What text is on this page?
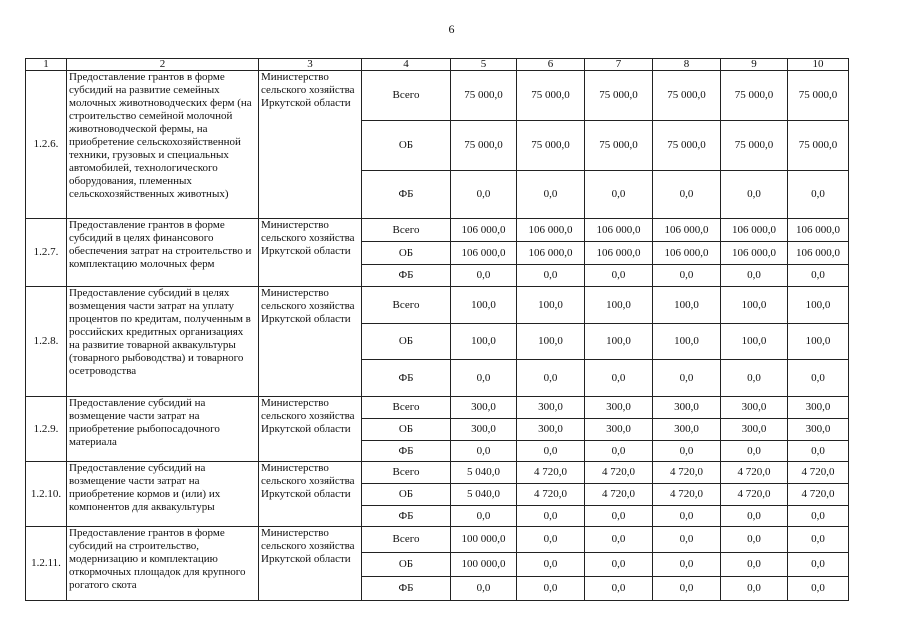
6
1	2	3	4	5	6	7	8	9	10
1.2.6.	Предоставление грантов в форме субсидий на развитие семейных молочных животноводческих ферм (на строительство семейной молочной животноводческой фермы, на приобретение сельскохозяйственной техники, грузовых и специальных автомобилей, технологического оборудования, племенных сельскохозяйственных животных)	Министерство сельского хозяйства Иркутской области	Всего	75 000,0	75 000,0	75 000,0	75 000,0	75 000,0	75 000,0
			ОБ	75 000,0	75 000,0	75 000,0	75 000,0	75 000,0	75 000,0
			ФБ	0,0	0,0	0,0	0,0	0,0	0,0
1.2.7.	Предоставление грантов в форме субсидий в целях финансового обеспечения затрат на строительство и комплектацию молочных ферм	Министерство сельского хозяйства Иркутской области	Всего	106 000,0	106 000,0	106 000,0	106 000,0	106 000,0	106 000,0
			ОБ	106 000,0	106 000,0	106 000,0	106 000,0	106 000,0	106 000,0
			ФБ	0,0	0,0	0,0	0,0	0,0	0,0
1.2.8.	Предоставление субсидий в целях возмещения части затрат на уплату процентов по кредитам, полученным в российских кредитных организациях на развитие товарной аквакультуры (товарного рыбоводства) и товарного осетроводства	Министерство сельского хозяйства Иркутской области	Всего	100,0	100,0	100,0	100,0	100,0	100,0
			ОБ	100,0	100,0	100,0	100,0	100,0	100,0
			ФБ	0,0	0,0	0,0	0,0	0,0	0,0
1.2.9.	Предоставление субсидий на возмещение части затрат на приобретение рыбопосадочного материала	Министерство сельского хозяйства Иркутской области	Всего	300,0	300,0	300,0	300,0	300,0	300,0
			ОБ	300,0	300,0	300,0	300,0	300,0	300,0
			ФБ	0,0	0,0	0,0	0,0	0,0	0,0
1.2.10.	Предоставление субсидий на возмещение части затрат на приобретение кормов и (или) их компонентов для аквакультуры	Министерство сельского хозяйства Иркутской области	Всего	5 040,0	4 720,0	4 720,0	4 720,0	4 720,0	4 720,0
			ОБ	5 040,0	4 720,0	4 720,0	4 720,0	4 720,0	4 720,0
			ФБ	0,0	0,0	0,0	0,0	0,0	0,0
1.2.11.	Предоставление грантов в форме субсидий на строительство, модернизацию и комплектацию откормочных площадок для крупного рогатого скота	Министерство сельского хозяйства Иркутской области	Всего	100 000,0	0,0	0,0	0,0	0,0	0,0
			ОБ	100 000,0	0,0	0,0	0,0	0,0	0,0
			ФБ	0,0	0,0	0,0	0,0	0,0	0,0
